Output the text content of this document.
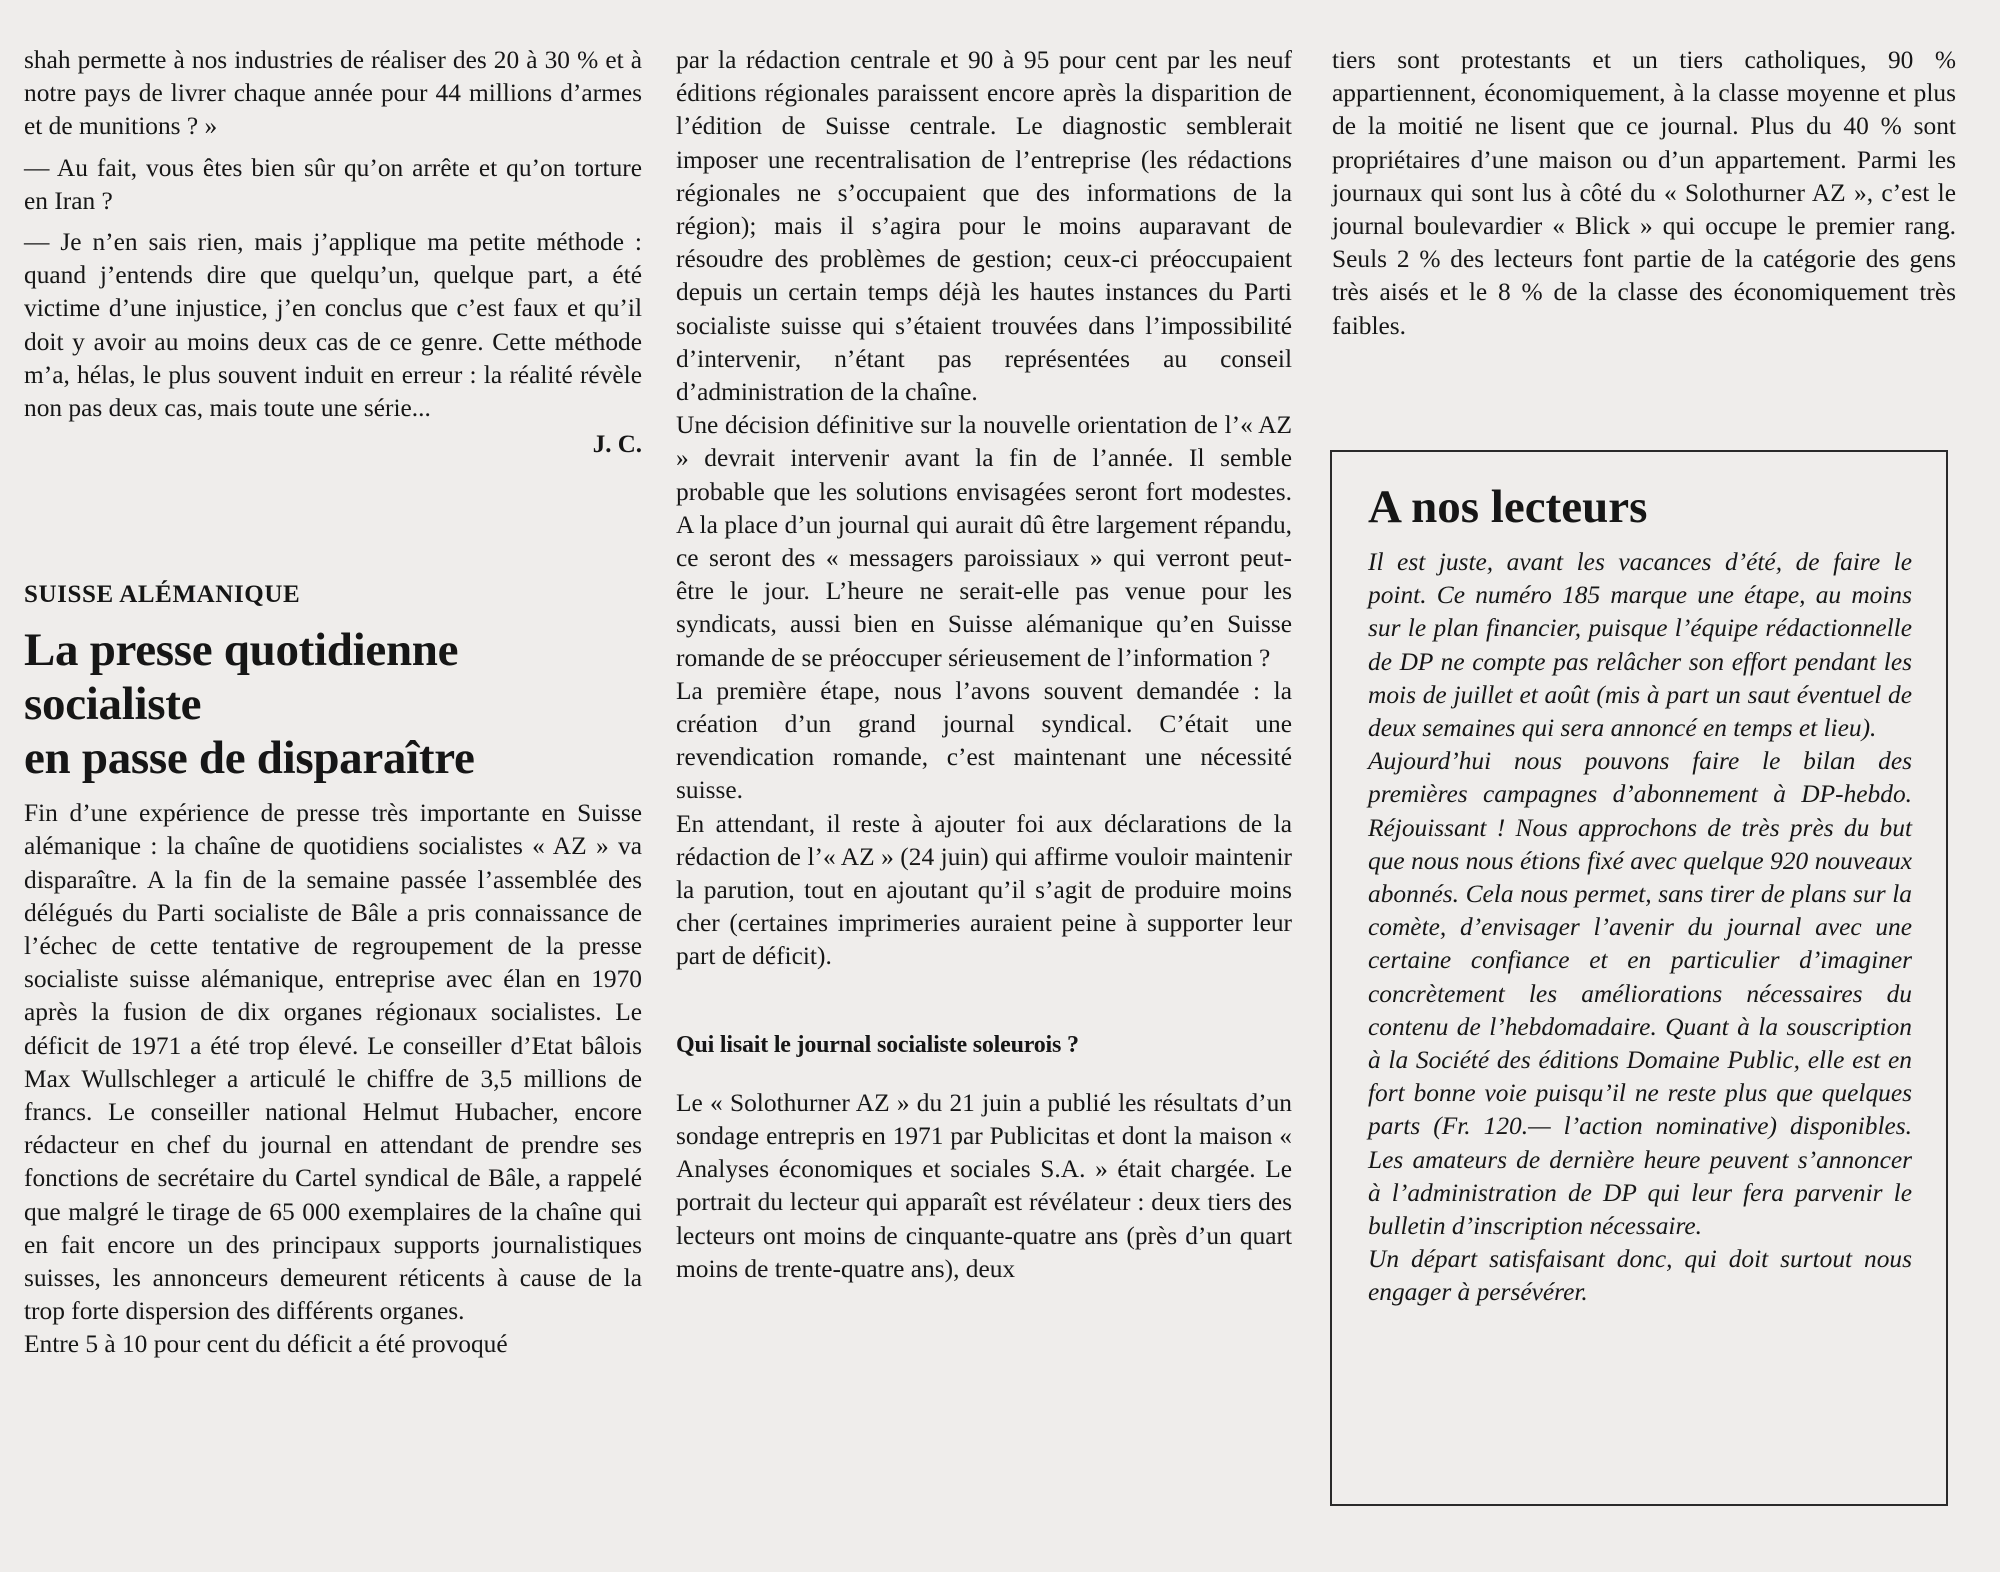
shah permette à nos industries de réaliser des 20 à 30 % et à notre pays de livrer chaque année pour 44 millions d’armes et de munitions ? »

— Au fait, vous êtes bien sûr qu’on arrête et qu’on torture en Iran ?

— Je n’en sais rien, mais j’applique ma petite méthode : quand j’entends dire que quelqu’un, quelque part, a été victime d’une injustice, j’en conclus que c’est faux et qu’il doit y avoir au moins deux cas de ce genre. Cette méthode m’a, hélas, le plus souvent induit en erreur : la réalité révèle non pas deux cas, mais toute une série...

J. C.

SUISSE ALÉMANIQUE
La presse quotidienne
socialiste
en passe de disparaître

Fin d’une expérience de presse très importante en Suisse alémanique : la chaîne de quotidiens socialistes « AZ » va disparaître. A la fin de la semaine passée l’assemblée des délégués du Parti socialiste de Bâle a pris connaissance de l’échec de cette tentative de regroupement de la presse socialiste suisse alémanique, entreprise avec élan en 1970 après la fusion de dix organes régionaux socialistes. Le déficit de 1971 a été trop élevé. Le conseiller d’Etat bâlois Max Wullschleger a articulé le chiffre de 3,5 millions de francs. Le conseiller national Helmut Hubacher, encore rédacteur en chef du journal en attendant de prendre ses fonctions de secrétaire du Cartel syndical de Bâle, a rappelé que malgré le tirage de 65 000 exemplaires de la chaîne qui en fait encore un des principaux supports journalistiques suisses, les annonceurs demeurent réticents à cause de la trop forte dispersion des différents organes.

Entre 5 à 10 pour cent du déficit a été provoqué

par la rédaction centrale et 90 à 95 pour cent par les neuf éditions régionales paraissent encore après la disparition de l’édition de Suisse centrale. Le diagnostic semblerait imposer une recentralisation de l’entreprise (les rédactions régionales ne s’occupaient que des informations de la région); mais il s’agira pour le moins auparavant de résoudre des problèmes de gestion; ceux-ci préoccupaient depuis un certain temps déjà les hautes instances du Parti socialiste suisse qui s’étaient trouvées dans l’impossibilité d’intervenir, n’étant pas représentées au conseil d’administration de la chaîne.

Une décision définitive sur la nouvelle orientation de l’« AZ » devrait intervenir avant la fin de l’année. Il semble probable que les solutions envisagées seront fort modestes. A la place d’un journal qui aurait dû être largement répandu, ce seront des « messagers paroissiaux » qui verront peut-être le jour. L’heure ne serait-elle pas venue pour les syndicats, aussi bien en Suisse alémanique qu’en Suisse romande de se préoccuper sérieusement de l’information ?

La première étape, nous l’avons souvent demandée : la création d’un grand journal syndical. C’était une revendication romande, c’est maintenant une nécessité suisse.

En attendant, il reste à ajouter foi aux déclarations de la rédaction de l’« AZ » (24 juin) qui affirme vouloir maintenir la parution, tout en ajoutant qu’il s’agit de produire moins cher (certaines imprimeries auraient peine à supporter leur part de déficit).

Qui lisait le journal socialiste soleurois ?

Le « Solothurner AZ » du 21 juin a publié les résultats d’un sondage entrepris en 1971 par Publicitas et dont la maison « Analyses économiques et sociales S.A. » était chargée. Le portrait du lecteur qui apparaît est révélateur : deux tiers des lecteurs ont moins de cinquante-quatre ans (près d’un quart moins de trente-quatre ans), deux

tiers sont protestants et un tiers catholiques, 90 % appartiennent, économiquement, à la classe moyenne et plus de la moitié ne lisent que ce journal. Plus du 40 % sont propriétaires d’une maison ou d’un appartement. Parmi les journaux qui sont lus à côté du « Solothurner AZ », c’est le journal boulevardier « Blick » qui occupe le premier rang. Seuls 2 % des lecteurs font partie de la catégorie des gens très aisés et le 8 % de la classe des économiquement très faibles.

A nos lecteurs

Il est juste, avant les vacances d’été, de faire le point. Ce numéro 185 marque une étape, au moins sur le plan financier, puisque l’équipe rédactionnelle de DP ne compte pas relâcher son effort pendant les mois de juillet et août (mis à part un saut éventuel de deux semaines qui sera annoncé en temps et lieu).

Aujourd’hui nous pouvons faire le bilan des premières campagnes d’abonnement à DP-hebdo. Réjouissant ! Nous approchons de très près du but que nous nous étions fixé avec quelque 920 nouveaux abonnés. Cela nous permet, sans tirer de plans sur la comète, d’envisager l’avenir du journal avec une certaine confiance et en particulier d’imaginer concrètement les améliorations nécessaires du contenu de l’hebdomadaire. Quant à la souscription à la Société des éditions Domaine Public, elle est en fort bonne voie puisqu’il ne reste plus que quelques parts (Fr. 120.— l’action nominative) disponibles. Les amateurs de dernière heure peuvent s’annoncer à l’administration de DP qui leur fera parvenir le bulletin d’inscription nécessaire.

Un départ satisfaisant donc, qui doit surtout nous engager à persévérer.
